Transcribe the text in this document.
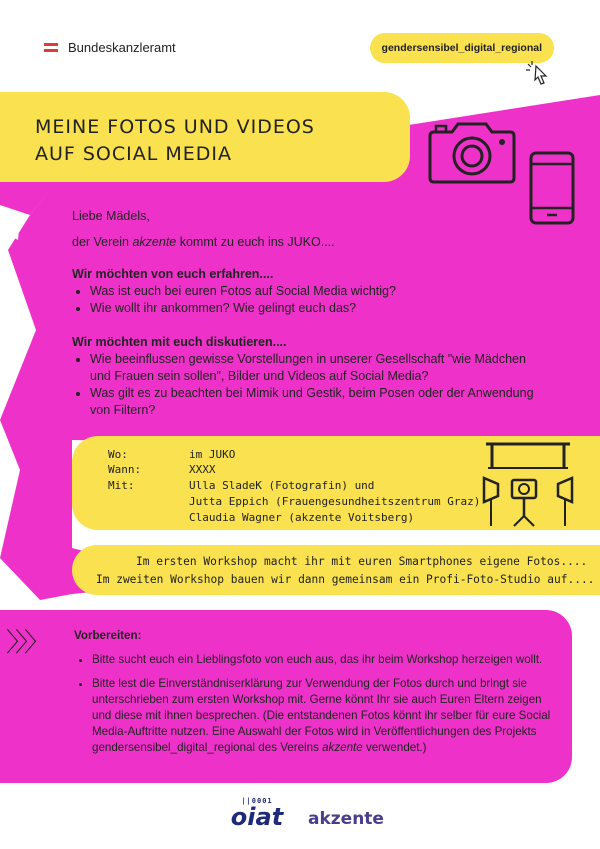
Bundeskanzleramt	gendersensibel_digital_regional
MEINE FOTOS UND VIDEOS
AUF SOCIAL MEDIA
Liebe Mädels,
der Verein akzente kommt zu euch ins JUKO....
Wir möchten von euch erfahren....
• Was ist euch bei euren Fotos auf Social Media wichtig?
• Wie wollt ihr ankommen? Wie gelingt euch das?
Wir möchten mit euch diskutieren....
• Wie beeinflussen gewisse Vorstellungen in unserer Gesellschaft "wie Mädchen und Frauen sein sollen", Bilder und Videos auf Social Media?
• Was gilt es zu beachten bei Mimik und Gestik, beim Posen oder der Anwendung von Filtern?
Wo:	im JUKO
Wann:	XXXX
Mit:	Ulla SladeK (Fotografin) und
Jutta Eppich (Frauengesundheitszentrum Graz)
Claudia Wagner (akzente Voitsberg)
Im ersten Workshop macht ihr mit euren Smartphones eigene Fotos....
Im zweiten Workshop bauen wir dann gemeinsam ein Profi-Foto-Studio auf....
〉〉〉 Vorbereiten:
• Bitte sucht euch ein Lieblingsfoto von euch aus, das ihr beim Workshop herzeigen wollt.
• Bitte lest die Einverständniserklärung zur Verwendung der Fotos durch und bringt sie unterschrieben zum ersten Workshop mit. Gerne könnt Ihr sie auch Euren Eltern zeigen und diese mit ihnen besprechen. (Die entstandenen Fotos könnt ihr selber für eure Social Media-Auftritte nutzen. Eine Auswahl der Fotos wird in Veröffentlichungen des Projekts gendersensibel_digital_regional des Vereins akzente verwendet.)
||0001
oiat	akzente
